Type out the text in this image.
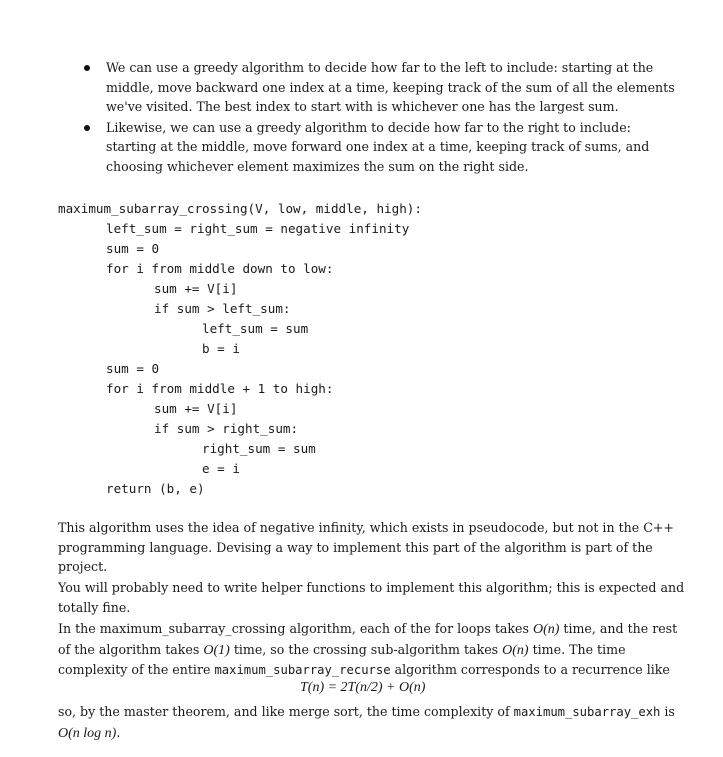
We can use a greedy algorithm to decide how far to the left to include: starting at the middle, move backward one index at a time, keeping track of the sum of all the elements we've visited. The best index to start with is whichever one has the largest sum.
Likewise, we can use a greedy algorithm to decide how far to the right to include: starting at the middle, move forward one index at a time, keeping track of sums, and choosing whichever element maximizes the sum on the right side.
maximum_subarray_crossing(V, low, middle, high):
left_sum = right_sum = negative infinity
sum = 0
for i from middle down to low:
sum += V[i]
if sum > left_sum:
left_sum = sum
b = i
sum = 0
for i from middle + 1 to high:
sum += V[i]
if sum > right_sum:
right_sum = sum
e = i
return (b, e)

This algorithm uses the idea of negative infinity, which exists in pseudocode, but not in the C++ programming language. Devising a way to implement this part of the algorithm is part of the project.

You will probably need to write helper functions to implement this algorithm; this is expected and totally fine.

In the maximum_subarray_crossing algorithm, each of the for loops takes O(n) time, and the rest of the algorithm takes O(1) time, so the crossing sub-algorithm takes O(n) time. The time complexity of the entire maximum_subarray_recurse algorithm corresponds to a recurrence like

T(n) = 2T(n/2) + O(n)

so, by the master theorem, and like merge sort, the time complexity of maximum_subarray_exh is
O(n log n).
